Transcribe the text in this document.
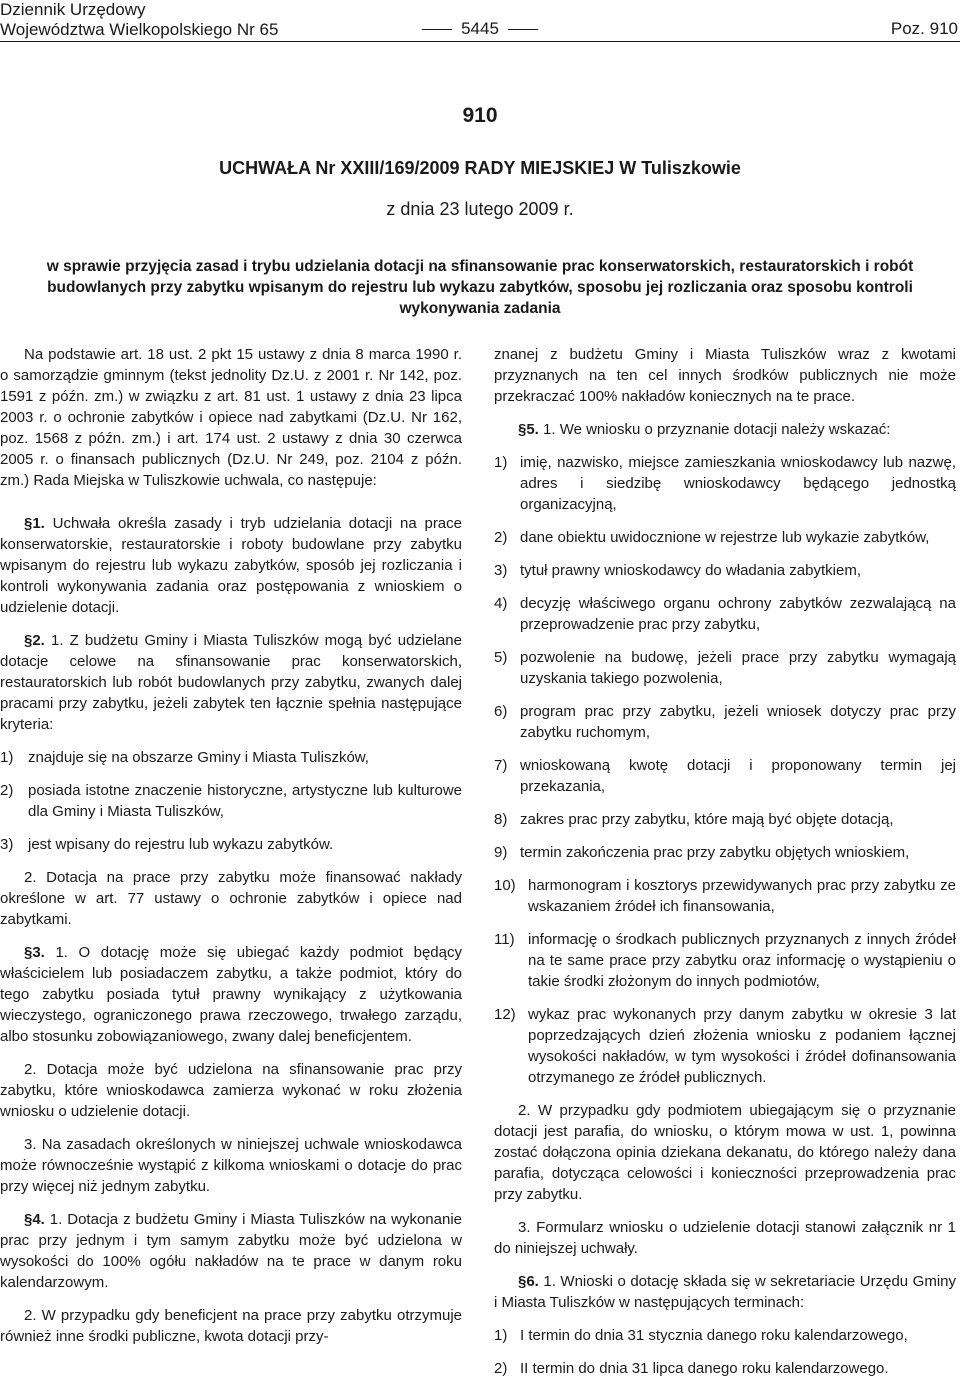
Dziennik Urzędowy
Województwa Wielkopolskiego Nr 65	5445	Poz. 910
910
UCHWAŁA Nr XXIII/169/2009 RADY MIEJSKIEJ W Tuliszkowie
z dnia 23 lutego 2009 r.
w sprawie przyjęcia zasad i trybu udzielania dotacji na sfinansowanie prac konserwatorskich, restauratorskich i robót budowlanych przy zabytku wpisanym do rejestru lub wykazu zabytków, sposobu jej rozliczania oraz sposobu kontroli wykonywania zadania

Na podstawie art. 18 ust. 2 pkt 15 ustawy z dnia 8 marca 1990 r. o samorządzie gminnym (tekst jednolity Dz.U. z 2001 r. Nr 142, poz. 1591 z późn. zm.) w związku z art. 81 ust. 1 ustawy z dnia 23 lipca 2003 r. o ochronie zabytków i opiece nad zabytkami (Dz.U. Nr 162, poz. 1568 z późn. zm.) i art. 174 ust. 2 ustawy z dnia 30 czerwca 2005 r. o finansach publicznych (Dz.U. Nr 249, poz. 2104 z późn. zm.) Rada Miejska w Tuliszkowie uchwala, co następuje:

§1. Uchwała określa zasady i tryb udzielania dotacji na prace konserwatorskie, restauratorskie i roboty budowlane przy zabytku wpisanym do rejestru lub wykazu zabytków, sposób jej rozliczania i kontroli wykonywania zadania oraz postępowania z wnioskiem o udzielenie dotacji.

§2. 1. Z budżetu Gminy i Miasta Tuliszków mogą być udzielane dotacje celowe na sfinansowanie prac konserwatorskich, restauratorskich lub robót budowlanych przy zabytku, zwanych dalej pracami przy zabytku, jeżeli zabytek ten łącznie spełnia następujące kryteria:

1) znajduje się na obszarze Gminy i Miasta Tuliszków,
2) posiada istotne znaczenie historyczne, artystyczne lub kulturowe dla Gminy i Miasta Tuliszków,
3) jest wpisany do rejestru lub wykazu zabytków.

2. Dotacja na prace przy zabytku może finansować nakłady określone w art. 77 ustawy o ochronie zabytków i opiece nad zabytkami.

§3. 1. O dotację może się ubiegać każdy podmiot będący właścicielem lub posiadaczem zabytku, a także podmiot, który do tego zabytku posiada tytuł prawny wynikający z użytkowania wieczystego, ograniczonego prawa rzeczowego, trwałego zarządu, albo stosunku zobowiązaniowego, zwany dalej beneficjentem.

2. Dotacja może być udzielona na sfinansowanie prac przy zabytku, które wnioskodawca zamierza wykonać w roku złożenia wniosku o udzielenie dotacji.

3. Na zasadach określonych w niniejszej uchwale wnioskodawca może równocześnie wystąpić z kilkoma wnioskami o dotacje do prac przy więcej niż jednym zabytku.

§4. 1. Dotacja z budżetu Gminy i Miasta Tuliszków na wykonanie prac przy jednym i tym samym zabytku może być udzielona w wysokości do 100% ogółu nakładów na te prace w danym roku kalendarzowym.

2. W przypadku gdy beneficjent na prace przy zabytku otrzymuje również inne środki publiczne, kwota dotacji przy-

znanej z budżetu Gminy i Miasta Tuliszków wraz z kwotami przyznanych na ten cel innych środków publicznych nie może przekraczać 100% nakładów koniecznych na te prace.

§5. 1. We wniosku o przyznanie dotacji należy wskazać:

1) imię, nazwisko, miejsce zamieszkania wnioskodawcy lub nazwę, adres i siedzibę wnioskodawcy będącego jednostką organizacyjną,
2) dane obiektu uwidocznione w rejestrze lub wykazie zabytków,
3) tytuł prawny wnioskodawcy do władania zabytkiem,
4) decyzję właściwego organu ochrony zabytków zezwalającą na przeprowadzenie prac przy zabytku,
5) pozwolenie na budowę, jeżeli prace przy zabytku wymagają uzyskania takiego pozwolenia,
6) program prac przy zabytku, jeżeli wniosek dotyczy prac przy zabytku ruchomym,
7) wnioskowaną kwotę dotacji i proponowany termin jej przekazania,
8) zakres prac przy zabytku, które mają być objęte dotacją,
9) termin zakończenia prac przy zabytku objętych wnioskiem,
10) harmonogram i kosztorys przewidywanych prac przy zabytku ze wskazaniem źródeł ich finansowania,
11) informację o środkach publicznych przyznanych z innych źródeł na te same prace przy zabytku oraz informację o wystąpieniu o takie środki złożonym do innych podmiotów,
12) wykaz prac wykonanych przy danym zabytku w okresie 3 lat poprzedzających dzień złożenia wniosku z podaniem łącznej wysokości nakładów, w tym wysokości i źródeł dofinansowania otrzymanego ze źródeł publicznych.

2. W przypadku gdy podmiotem ubiegającym się o przyznanie dotacji jest parafia, do wniosku, o którym mowa w ust. 1, powinna zostać dołączona opinia dziekana dekanatu, do którego należy dana parafia, dotycząca celowości i konieczności przeprowadzenia prac przy zabytku.

3. Formularz wniosku o udzielenie dotacji stanowi załącznik nr 1 do niniejszej uchwały.

§6. 1. Wnioski o dotację składa się w sekretariacie Urzędu Gminy i Miasta Tuliszków w następujących terminach:

1) I termin do dnia 31 stycznia danego roku kalendarzowego,
2) II termin do dnia 31 lipca danego roku kalendarzowego.
